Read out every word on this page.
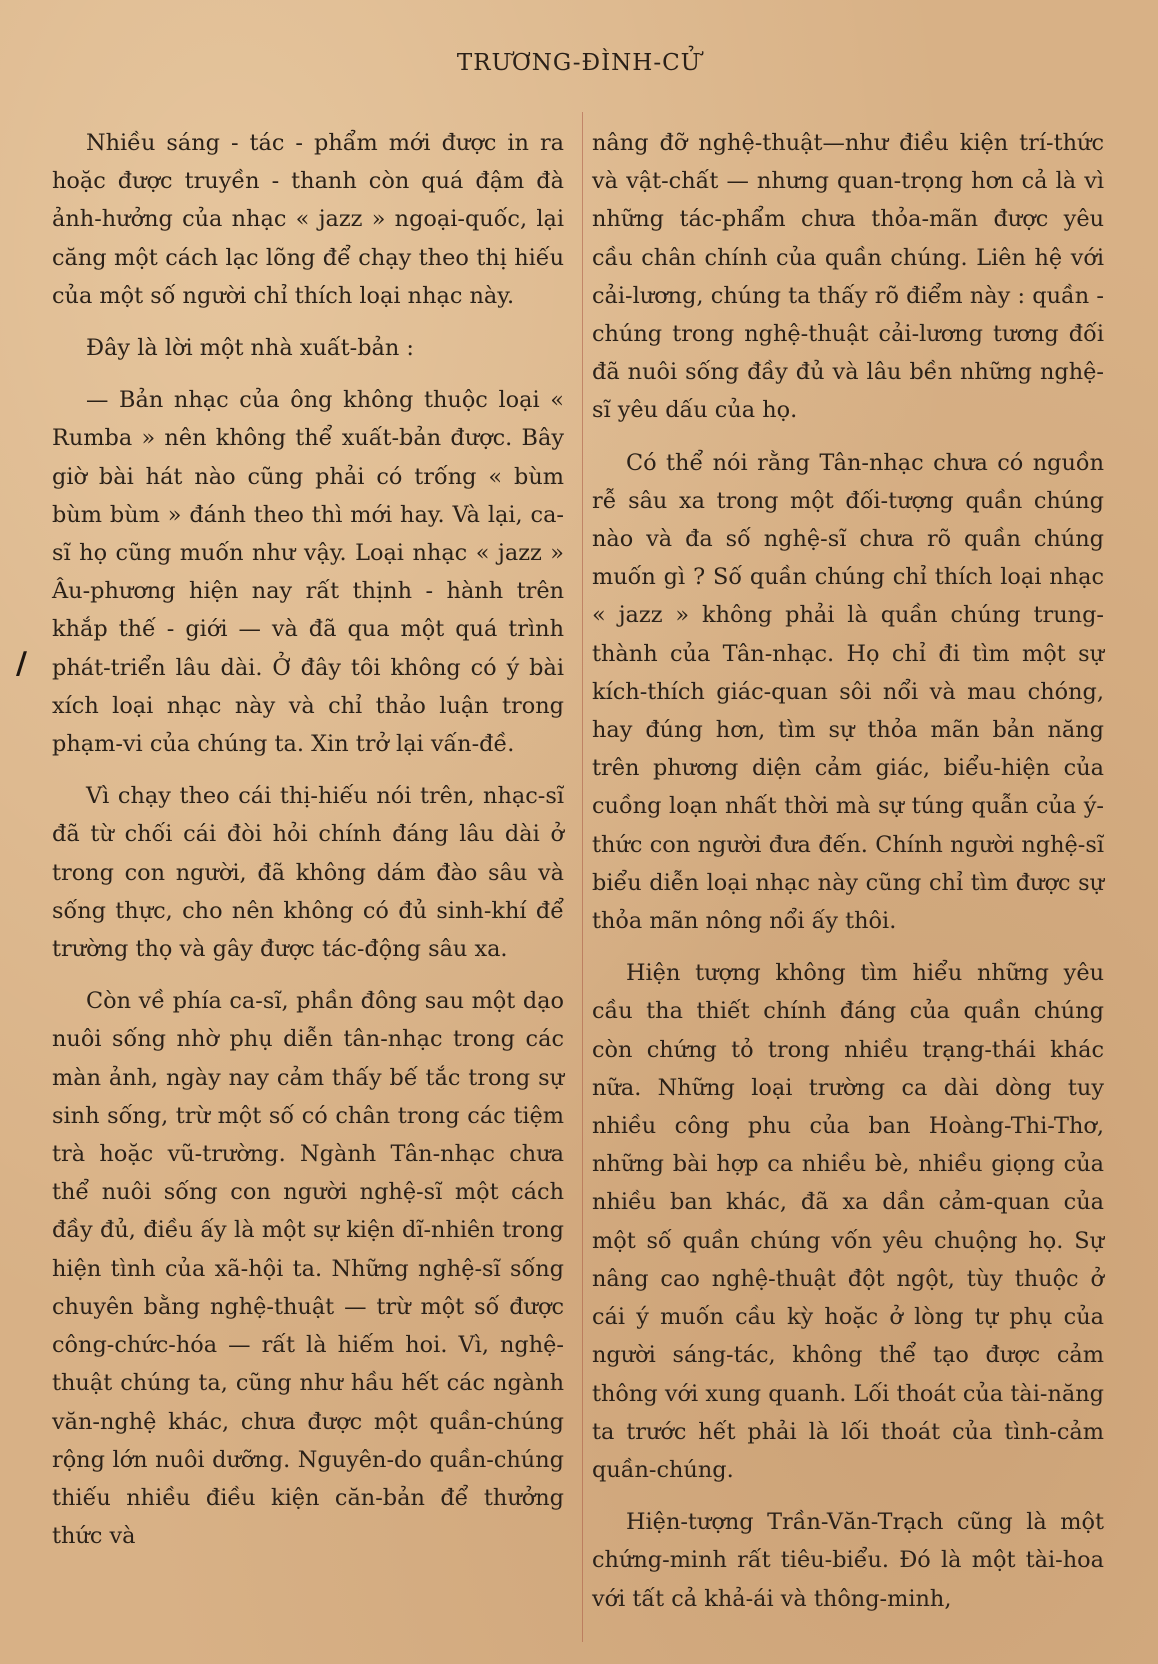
TRƯƠNG-ĐÌNH-CỬ
/

Nhiều sáng - tác - phẩm mới được in ra hoặc được truyền - thanh còn quá đậm đà ảnh-hưởng của nhạc « jazz » ngoại-quốc, lại căng một cách lạc lõng để chạy theo thị hiếu của một số người chỉ thích loại nhạc này.

Đây là lời một nhà xuất-bản :

— Bản nhạc của ông không thuộc loại « Rumba » nên không thể xuất-bản được. Bây giờ bài hát nào cũng phải có trống « bùm bùm bùm » đánh theo thì mới hay. Và lại, ca-sĩ họ cũng muốn như vậy. Loại nhạc « jazz » Âu-phương hiện nay rất thịnh - hành trên khắp thế - giới — và đã qua một quá trình phát-triển lâu dài. Ở đây tôi không có ý bài xích loại nhạc này và chỉ thảo luận trong phạm-vi của chúng ta. Xin trở lại vấn-đề.

Vì chạy theo cái thị-hiếu nói trên, nhạc-sĩ đã từ chối cái đòi hỏi chính đáng lâu dài ở trong con người, đã không dám đào sâu và sống thực, cho nên không có đủ sinh-khí để trường thọ và gây được tác-động sâu xa.

Còn về phía ca-sĩ, phần đông sau một dạo nuôi sống nhờ phụ diễn tân-nhạc trong các màn ảnh, ngày nay cảm thấy bế tắc trong sự sinh sống, trừ một số có chân trong các tiệm trà hoặc vũ-trường. Ngành Tân-nhạc chưa thể nuôi sống con người nghệ-sĩ một cách đầy đủ, điều ấy là một sự kiện dĩ-nhiên trong hiện tình của xã-hội ta. Những nghệ-sĩ sống chuyên bằng nghệ-thuật — trừ một số được công-chức-hóa — rất là hiếm hoi. Vì, nghệ-thuật chúng ta, cũng như hầu hết các ngành văn-nghệ khác, chưa được một quần-chúng rộng lớn nuôi dưỡng. Nguyên-do quần-chúng thiếu nhiều điều kiện căn-bản để thưởng thức và

nâng đỡ nghệ-thuật—như điều kiện trí-thức và vật-chất — nhưng quan-trọng hơn cả là vì những tác-phẩm chưa thỏa-mãn được yêu cầu chân chính của quần chúng. Liên hệ với cải-lương, chúng ta thấy rõ điểm này : quần - chúng trong nghệ-thuật cải-lương tương đối đã nuôi sống đầy đủ và lâu bền những nghệ-sĩ yêu dấu của họ.

Có thể nói rằng Tân-nhạc chưa có nguồn rễ sâu xa trong một đối-tượng quần chúng nào và đa số nghệ-sĩ chưa rõ quần chúng muốn gì ? Số quần chúng chỉ thích loại nhạc « jazz » không phải là quần chúng trung-thành của Tân-nhạc. Họ chỉ đi tìm một sự kích-thích giác-quan sôi nổi và mau chóng, hay đúng hơn, tìm sự thỏa mãn bản năng trên phương diện cảm giác, biểu-hiện của cuồng loạn nhất thời mà sự túng quẫn của ý-thức con người đưa đến. Chính người nghệ-sĩ biểu diễn loại nhạc này cũng chỉ tìm được sự thỏa mãn nông nổi ấy thôi.

Hiện tượng không tìm hiểu những yêu cầu tha thiết chính đáng của quần chúng còn chứng tỏ trong nhiều trạng-thái khác nữa. Những loại trường ca dài dòng tuy nhiều công phu của ban Hoàng-Thi-Thơ, những bài hợp ca nhiều bè, nhiều giọng của nhiều ban khác, đã xa dần cảm-quan của một số quần chúng vốn yêu chuộng họ. Sự nâng cao nghệ-thuật đột ngột, tùy thuộc ở cái ý muốn cầu kỳ hoặc ở lòng tự phụ của người sáng-tác, không thể tạo được cảm thông với xung quanh. Lối thoát của tài-năng ta trước hết phải là lối thoát của tình-cảm quần-chúng.

Hiện-tượng Trần-Văn-Trạch cũng là một chứng-minh rất tiêu-biểu. Đó là một tài-hoa với tất cả khả-ái và thông-minh,
